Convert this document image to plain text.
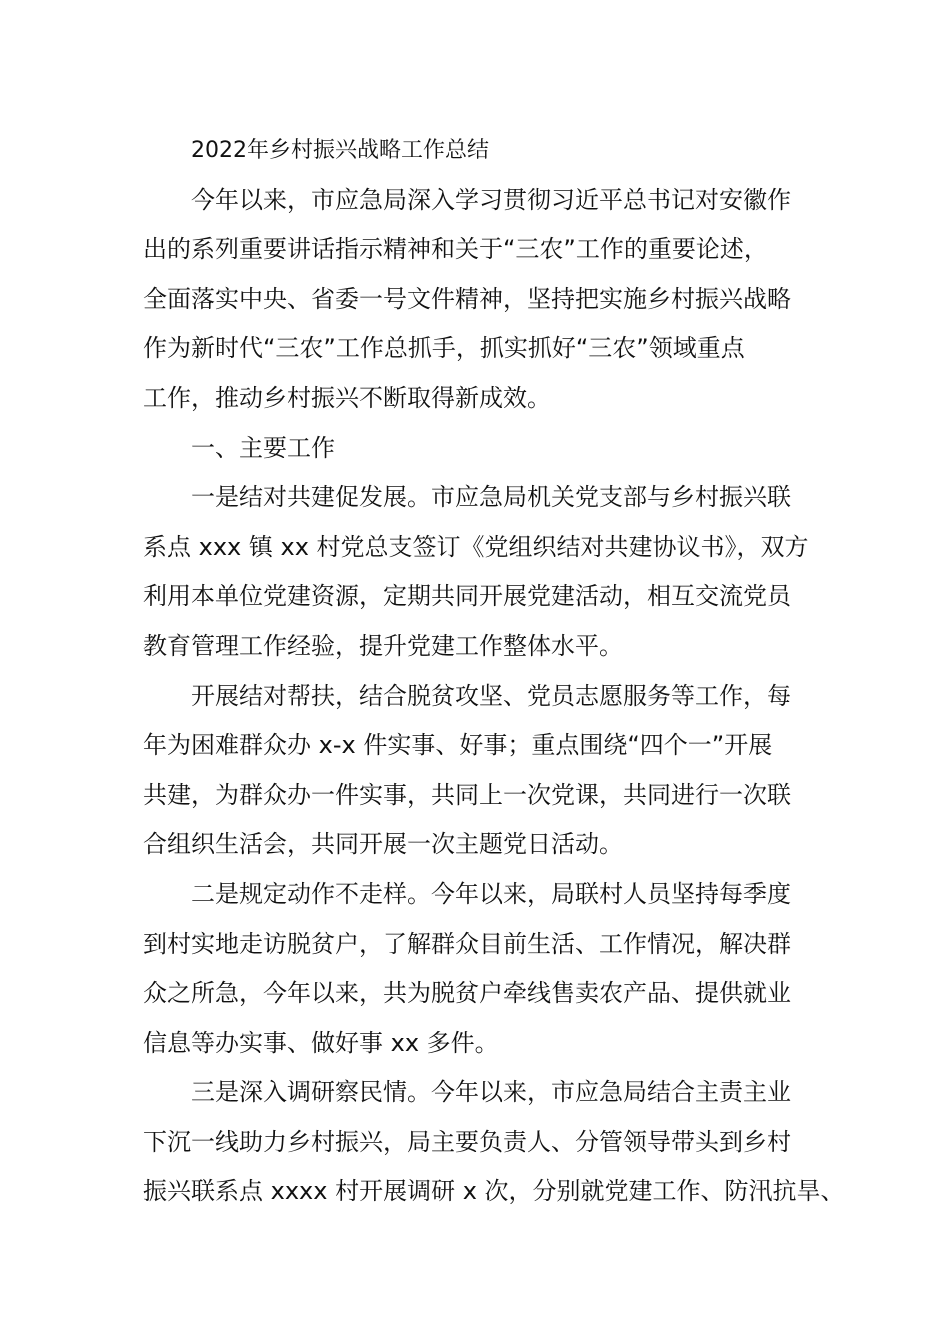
2022年乡村振兴战略工作总结
今年以来，市应急局深入学习贯彻习近平总书记对安徽作
出的系列重要讲话指示精神和关于“三农”工作的重要论述，
全面落实中央、省委一号文件精神，坚持把实施乡村振兴战略
作为新时代“三农”工作总抓手，抓实抓好“三农”领域重点
工作，推动乡村振兴不断取得新成效。
一、主要工作
一是结对共建促发展。市应急局机关党支部与乡村振兴联
系点 xxx 镇 xx 村党总支签订《党组织结对共建协议书》，双方
利用本单位党建资源，定期共同开展党建活动，相互交流党员
教育管理工作经验，提升党建工作整体水平。
开展结对帮扶，结合脱贫攻坚、党员志愿服务等工作，每
年为困难群众办 x-x 件实事、好事；重点围绕“四个一”开展
共建，为群众办一件实事，共同上一次党课，共同进行一次联
合组织生活会，共同开展一次主题党日活动。
二是规定动作不走样。今年以来，局联村人员坚持每季度
到村实地走访脱贫户，了解群众目前生活、工作情况，解决群
众之所急，今年以来，共为脱贫户牵线售卖农产品、提供就业
信息等办实事、做好事 xx 多件。
三是深入调研察民情。今年以来，市应急局结合主责主业
下沉一线助力乡村振兴，局主要负责人、分管领导带头到乡村
振兴联系点 xxxx 村开展调研 x 次，分别就党建工作、防汛抗旱、
